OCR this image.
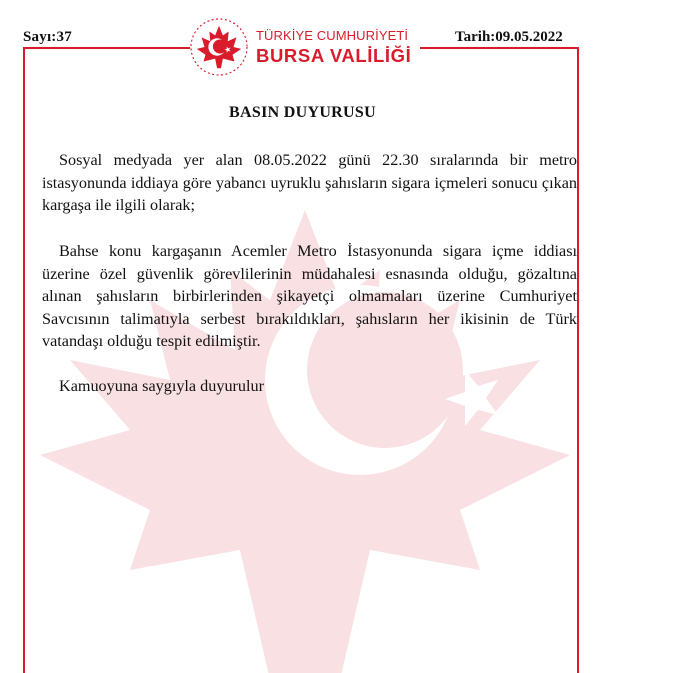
Sayı:37	Tarih:09.05.2022
TÜRKİYE CUMHURİYETİ
BURSA VALİLİĞİ
BASIN DUYURUSU

Sosyal medyada yer alan 08.05.2022 günü 22.30 sıralarında bir metro istasyonunda iddiaya göre yabancı uyruklu şahısların sigara içmeleri sonucu çıkan kargaşa ile ilgili olarak;

Bahse konu kargaşanın Acemler Metro İstasyonunda sigara içme iddiası üzerine özel güvenlik görevlilerinin müdahalesi esnasında olduğu, gözaltına alınan şahısların birbirlerinden şikayetçi olmamaları üzerine Cumhuriyet Savcısının talimatıyla serbest bırakıldıkları, şahısların her ikisinin de Türk vatandaşı olduğu tespit edilmiştir.

Kamuoyuna saygıyla duyurulur
